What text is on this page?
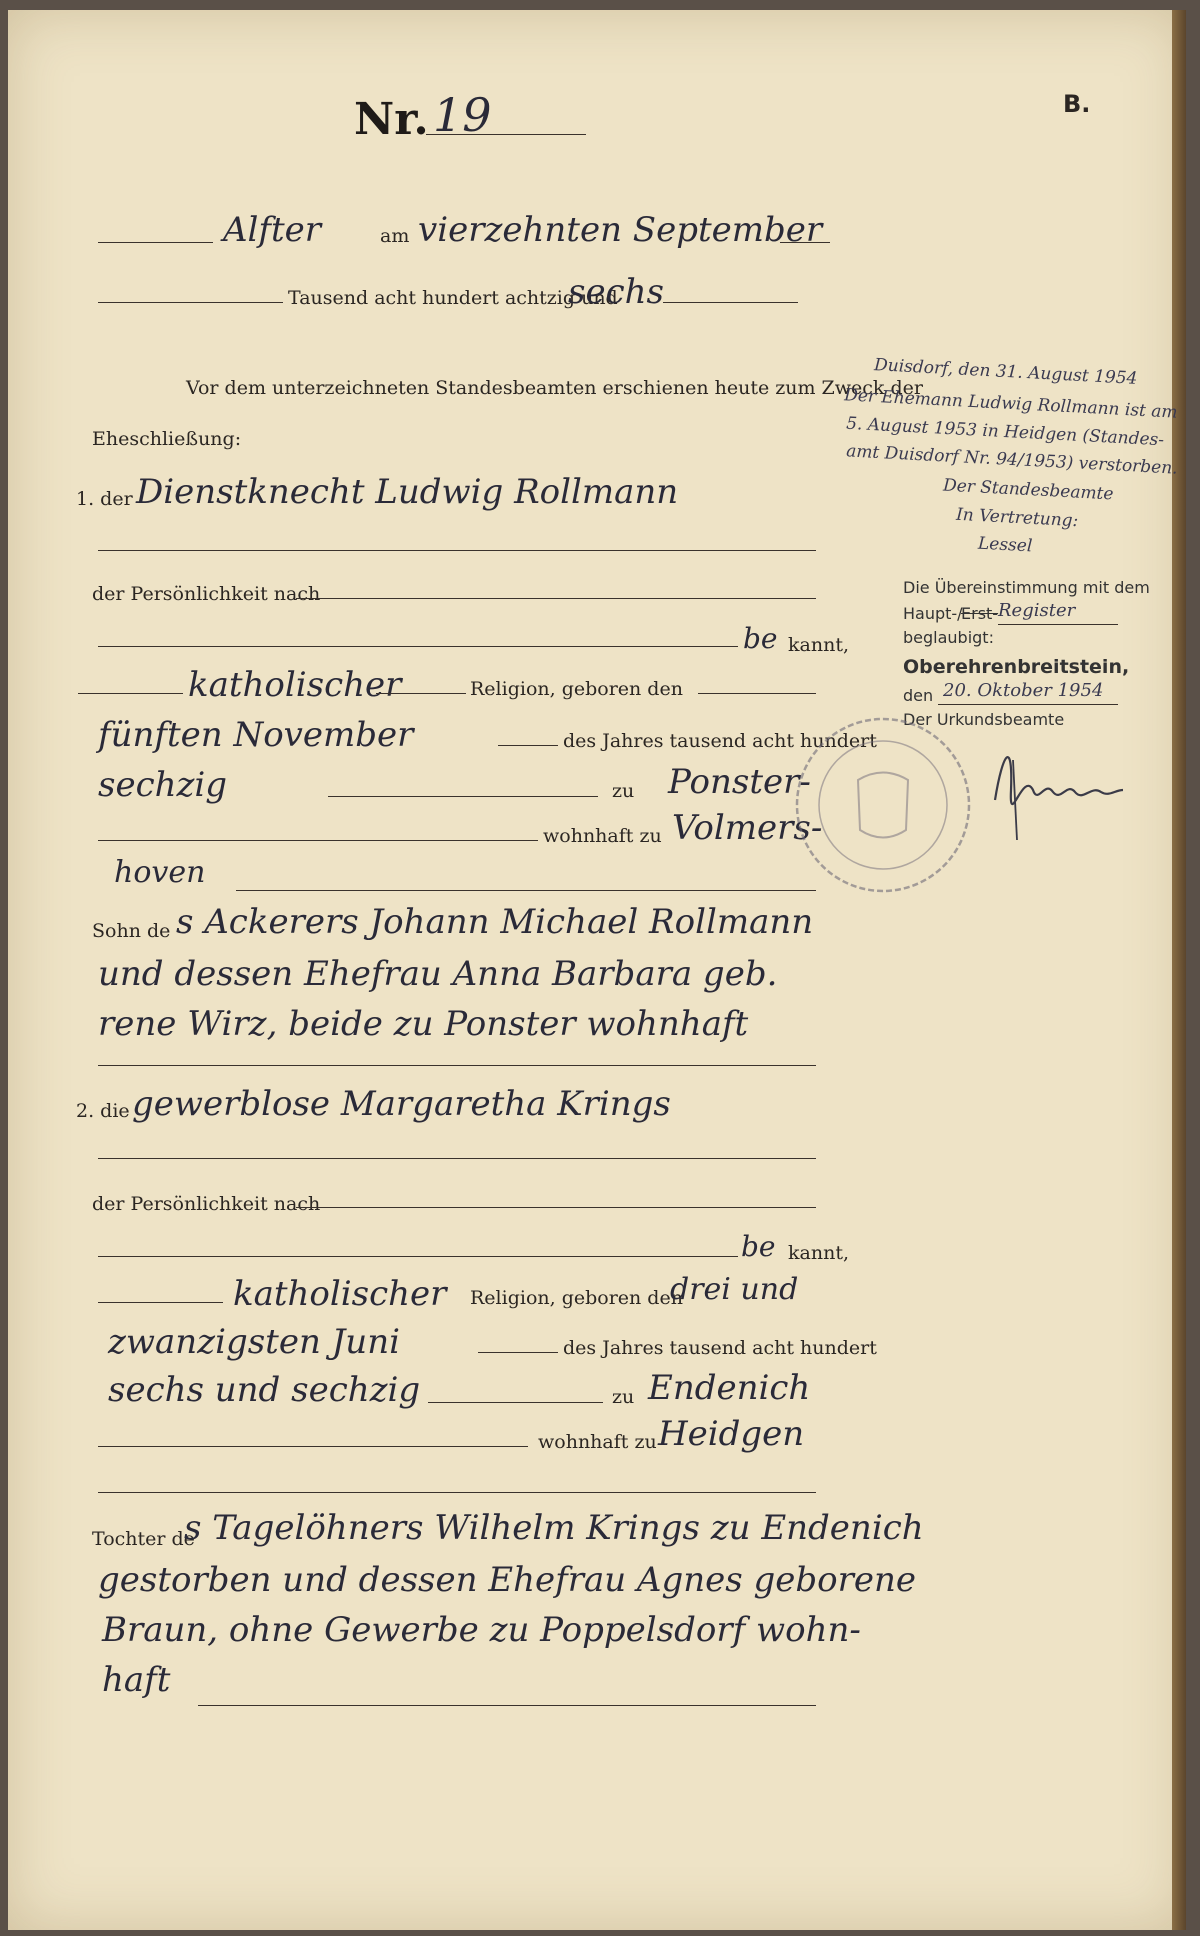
Nr. 19	B.
Alfter	am vierzehnten September
Tausend acht hundert achtzig und
sechs
Vor dem unterzeichneten Standesbeamten erschienen heute zum Zweck der
Eheschließung:
1. der Dienstknecht Ludwig Rollmann
der Persönlichkeit nach
be kannt,
katholischer	Religion, geboren den
fünften November	des Jahres tausend acht hundert
sechzig	zu Ponster-
wohnhaft zu Volmers-
hoven
Sohn de s Ackerers Johann Michael Rollmann
und dessen Ehefrau Anna Barbara geb.
rene Wirz, beide zu Ponster wohnhaft
2. die gewerblose Margaretha Krings
der Persönlichkeit nach
be kannt,
katholischer Religion, geboren den
drei und
zwanzigsten Juni	des Jahres tausend acht hundert
sechs und sechzig	zu Endenich
wohnhaft zu Heidgen
Tochter de
s Tagelöhners Wilhelm Krings zu Endenich
gestorben und dessen Ehefrau Agnes geborene
Braun, ohne Gewerbe zu Poppelsdorf wohn-
haft
Duisdorf, den 31. August 1954
Der Ehemann Ludwig Rollmann ist am
5. August 1953 in Heidgen (Standes-
amt Duisdorf Nr. 94/1953) verstorben.
Der Standesbeamte
In Vertretung:
Lessel
Die Übereinstimmung mit dem
Haupt-/
Erst- Register
beglaubigt:
Oberehrenbreitstein,
den 20. Oktober 1954
Der Urkundsbeamte
